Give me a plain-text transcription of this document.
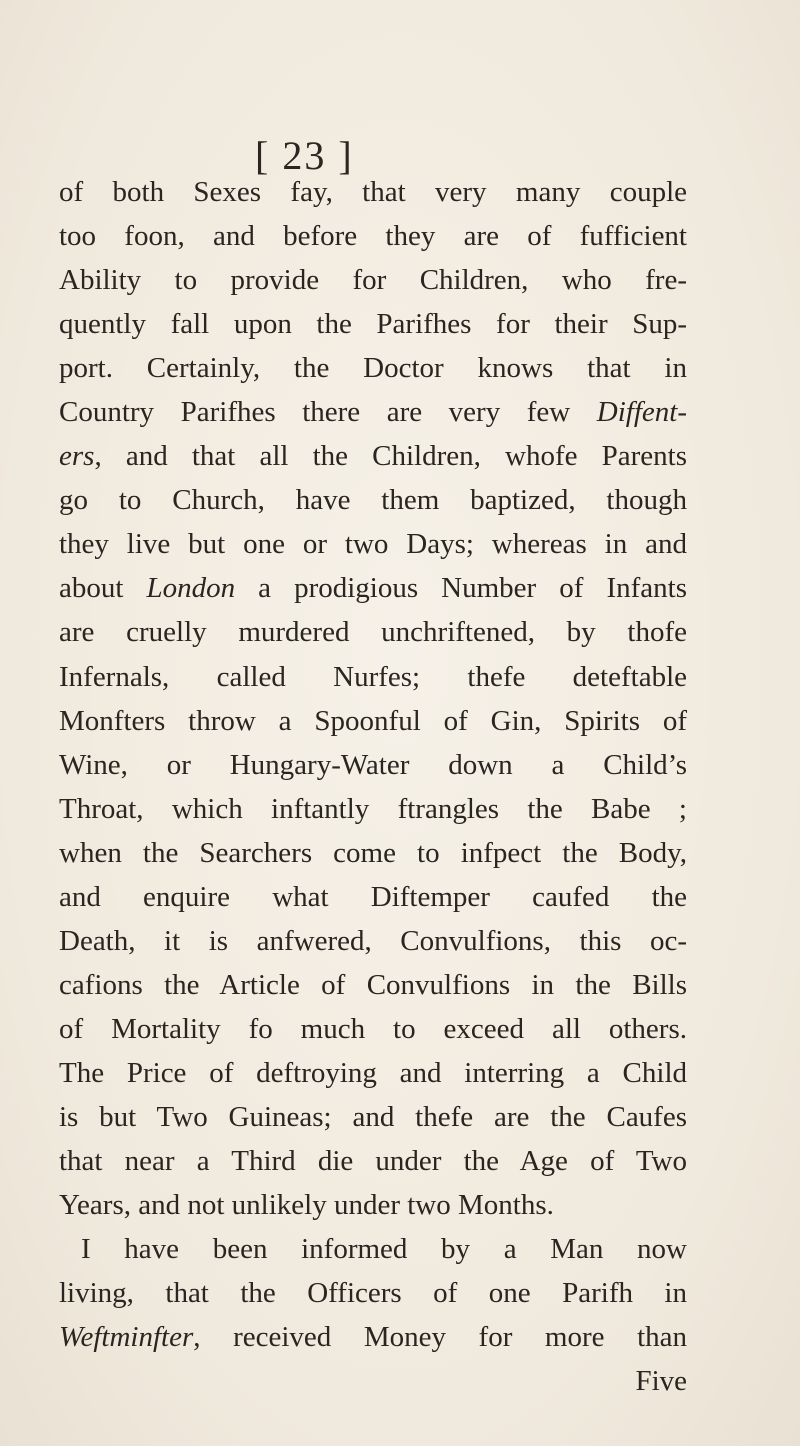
[ 23 ]
of both Sexes fay, that very many couple
too foon, and before they are of fufficient
Ability to provide for Children, who fre-
quently fall upon the Parifhes for their Sup-
port. Certainly, the Doctor knows that in
Country Parifhes there are very few Diffent-
ers, and that all the Children, whofe Parents
go to Church, have them baptized, though
they live but one or two Days; whereas in and
about London a prodigious Number of Infants
are cruelly murdered unchriftened, by thofe
Infernals, called Nurfes; thefe deteftable
Monfters throw a Spoonful of Gin, Spirits of
Wine, or Hungary-Water down a Child’s
Throat, which inftantly ftrangles the Babe ;
when the Searchers come to infpect the Body,
and enquire what Diftemper caufed the
Death, it is anfwered, Convulfions, this oc-
cafions the Article of Convulfions in the Bills
of Mortality fo much to exceed all others.
The Price of deftroying and interring a Child
is but Two Guineas; and thefe are the Caufes
that near a Third die under the Age of Two
Years, and not unlikely under two Months.
I have been informed by a Man now
living, that the Officers of one Parifh in
Weftminfter, received Money for more than
Five
